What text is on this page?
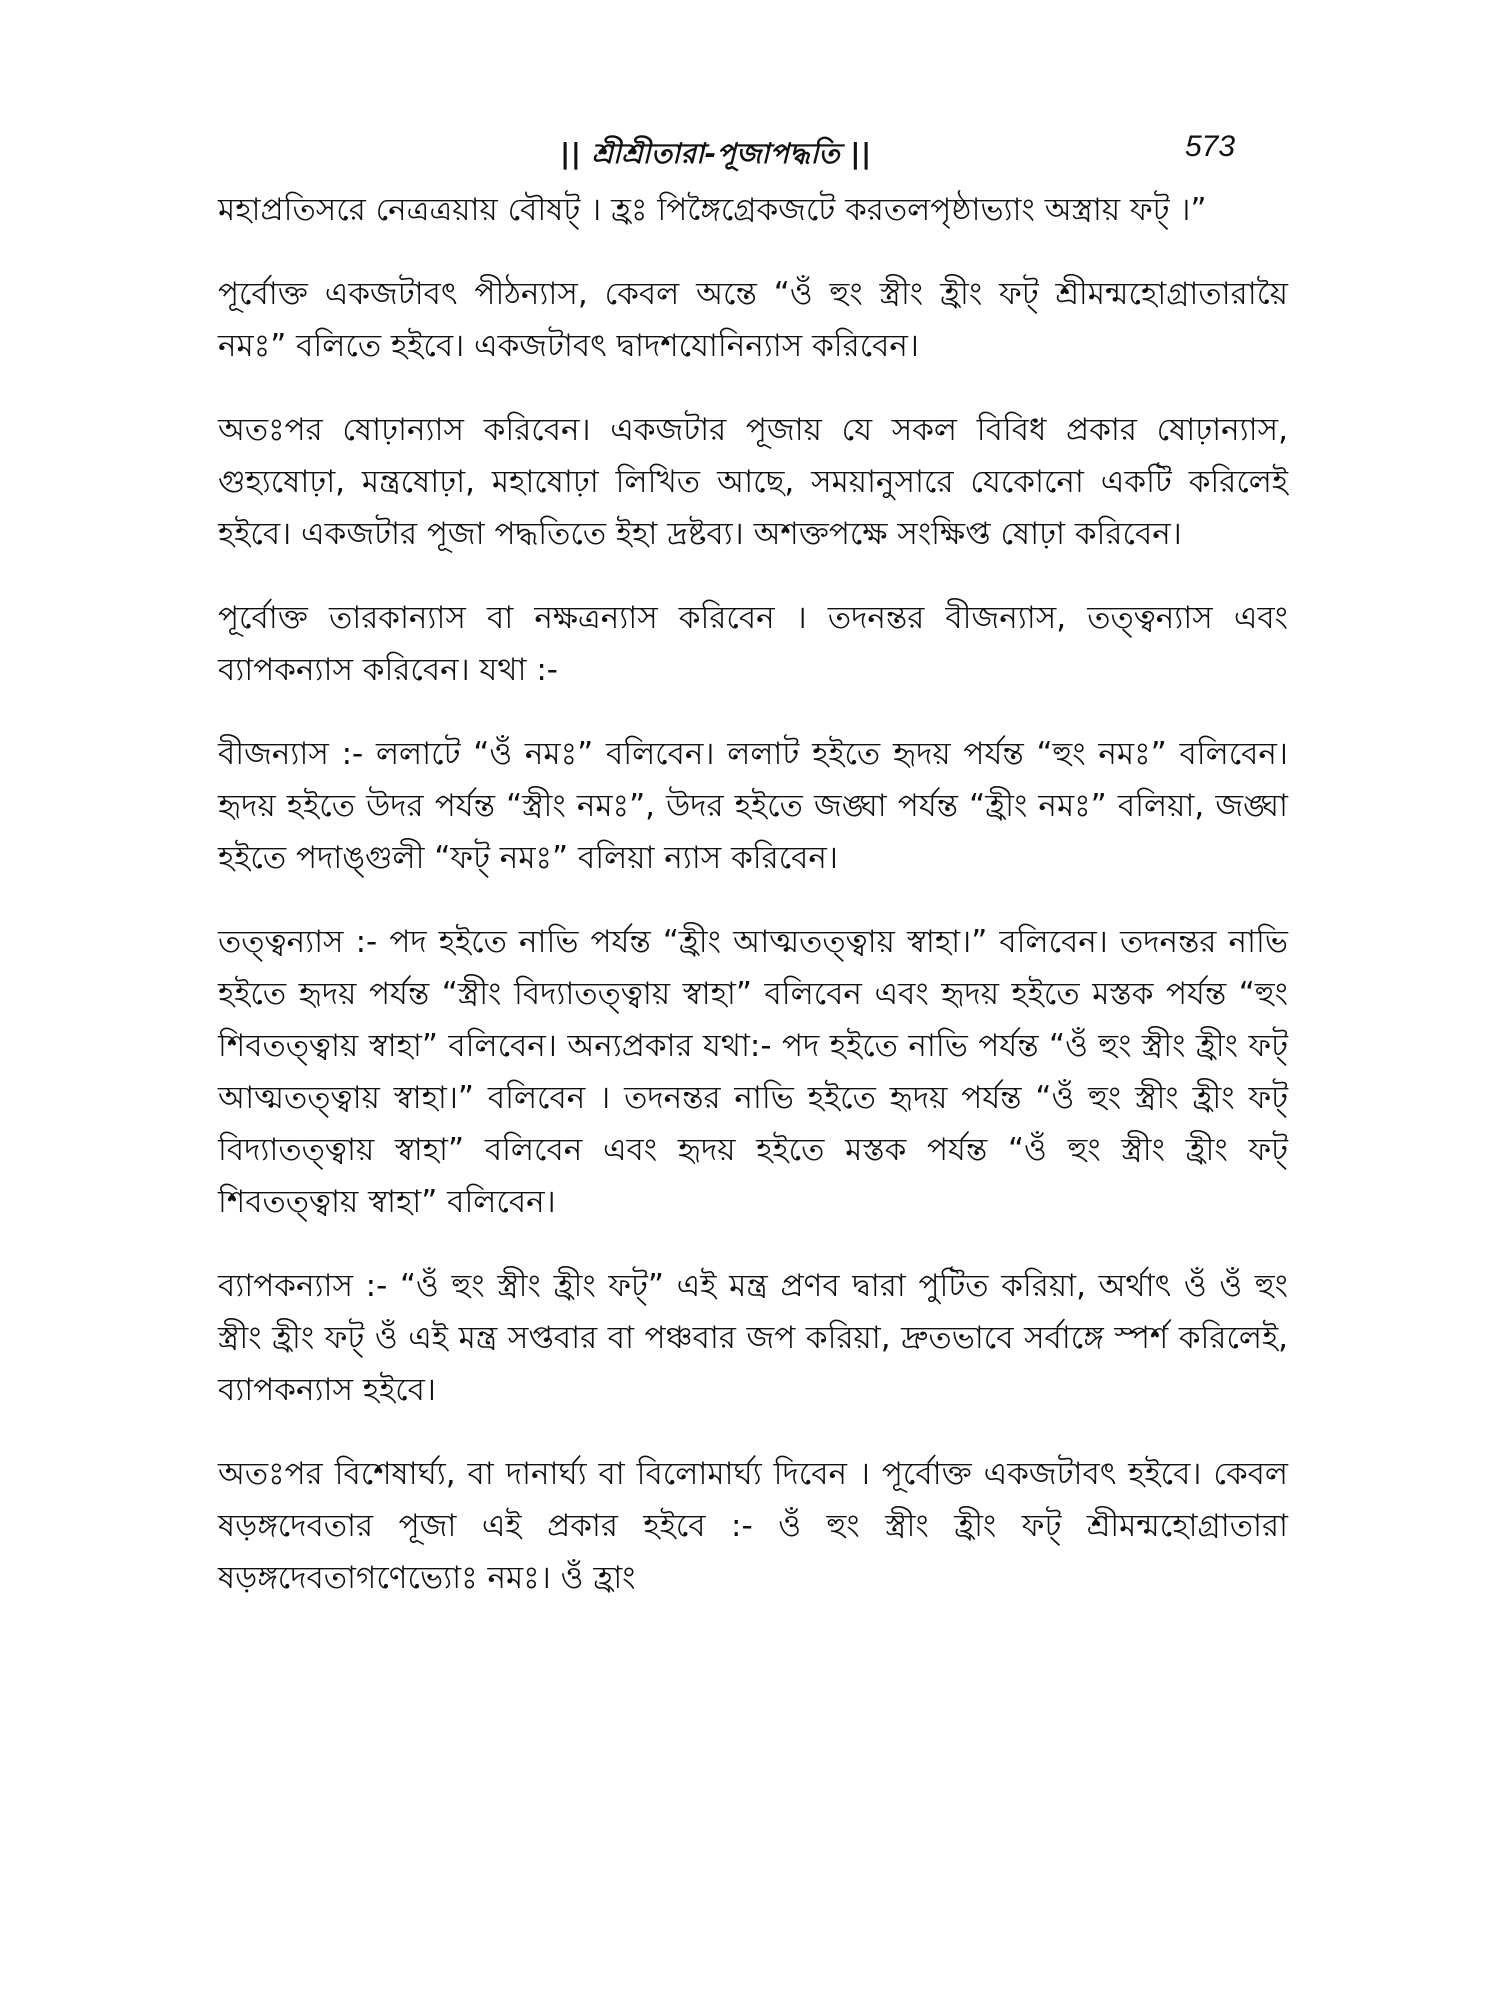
|| শ্রীশ্রীতারা-পূজাপদ্ধতি ||	573

মহাপ্রতিসরে নেত্রত্রয়ায় বৌষট্ । হ্রঃ পিঙ্গৈগ্রেকজটে করতলপৃষ্ঠাভ্যাং অস্ত্রায় ফট্ ।”

পূর্বোক্ত একজটাবৎ পীঠন্যাস, কেবল অন্তে “ওঁ হুং স্ত্রীং হ্রীং ফট্ শ্রীমন্মহোগ্রাতারায়ৈ নমঃ” বলিতে হইবে। একজটাবৎ দ্বাদশযোনিন্যাস করিবেন।

অতঃপর ষোঢ়ান্যাস করিবেন। একজটার পূজায় যে সকল বিবিধ প্রকার ষোঢ়ান্যাস, গুহ্যষোঢ়া, মন্ত্রষোঢ়া, মহাষোঢ়া লিখিত আছে, সময়ানুসারে যেকোনো একটি করিলেই হইবে। একজটার পূজা পদ্ধতিতে ইহা দ্রষ্টব্য। অশক্তপক্ষে সংক্ষিপ্ত ষোঢ়া করিবেন।

পূর্বোক্ত তারকান্যাস বা নক্ষত্রন্যাস করিবেন । তদনন্তর বীজন্যাস, তত্ত্বন্যাস এবং ব্যাপকন্যাস করিবেন। যথা :-

বীজন্যাস :- ললাটে “ওঁ নমঃ” বলিবেন। ললাট হইতে হৃদয় পর্যন্ত “হুং নমঃ” বলিবেন। হৃদয় হইতে উদর পর্যন্ত “স্ত্রীং নমঃ”, উদর হইতে জঙ্ঘা পর্যন্ত “হ্রীং নমঃ” বলিয়া, জঙ্ঘা হইতে পদাঙ্গুলী “ফট্ নমঃ” বলিয়া ন্যাস করিবেন।

তত্ত্বন্যাস :- পদ হইতে নাভি পর্যন্ত “হ্রীং আত্মতত্ত্বায় স্বাহা।” বলিবেন। তদনন্তর নাভি হইতে হৃদয় পর্যন্ত “স্ত্রীং বিদ্যাতত্ত্বায় স্বাহা” বলিবেন এবং হৃদয় হইতে মস্তক পর্যন্ত “হুং শিবতত্ত্বায় স্বাহা” বলিবেন। অন্যপ্রকার যথা:- পদ হইতে নাভি পর্যন্ত “ওঁ হুং স্ত্রীং হ্রীং ফট্ আত্মতত্ত্বায় স্বাহা।” বলিবেন । তদনন্তর নাভি হইতে হৃদয় পর্যন্ত “ওঁ হুং স্ত্রীং হ্রীং ফট্ বিদ্যাতত্ত্বায় স্বাহা” বলিবেন এবং হৃদয় হইতে মস্তক পর্যন্ত “ওঁ হুং স্ত্রীং হ্রীং ফট্ শিবতত্ত্বায় স্বাহা” বলিবেন।

ব্যাপকন্যাস :- “ওঁ হুং স্ত্রীং হ্রীং ফট্” এই মন্ত্র প্রণব দ্বারা পুটিত করিয়া, অর্থাৎ ওঁ ওঁ হুং স্ত্রীং হ্রীং ফট্ ওঁ এই মন্ত্র সপ্তবার বা পঞ্চবার জপ করিয়া, দ্রুতভাবে সর্বাঙ্গে স্পর্শ করিলেই, ব্যাপকন্যাস হইবে।

অতঃপর বিশেষার্ঘ্য, বা দানার্ঘ্য বা বিলোমার্ঘ্য দিবেন । পূর্বোক্ত একজটাবৎ হইবে। কেবল ষড়ঙ্গদেবতার পূজা এই প্রকার হইবে :- ওঁ হুং স্ত্রীং হ্রীং ফট্ শ্রীমন্মহোগ্রাতারা ষড়ঙ্গদেবতাগণেভ্যোঃ নমঃ। ওঁ হ্রাং
